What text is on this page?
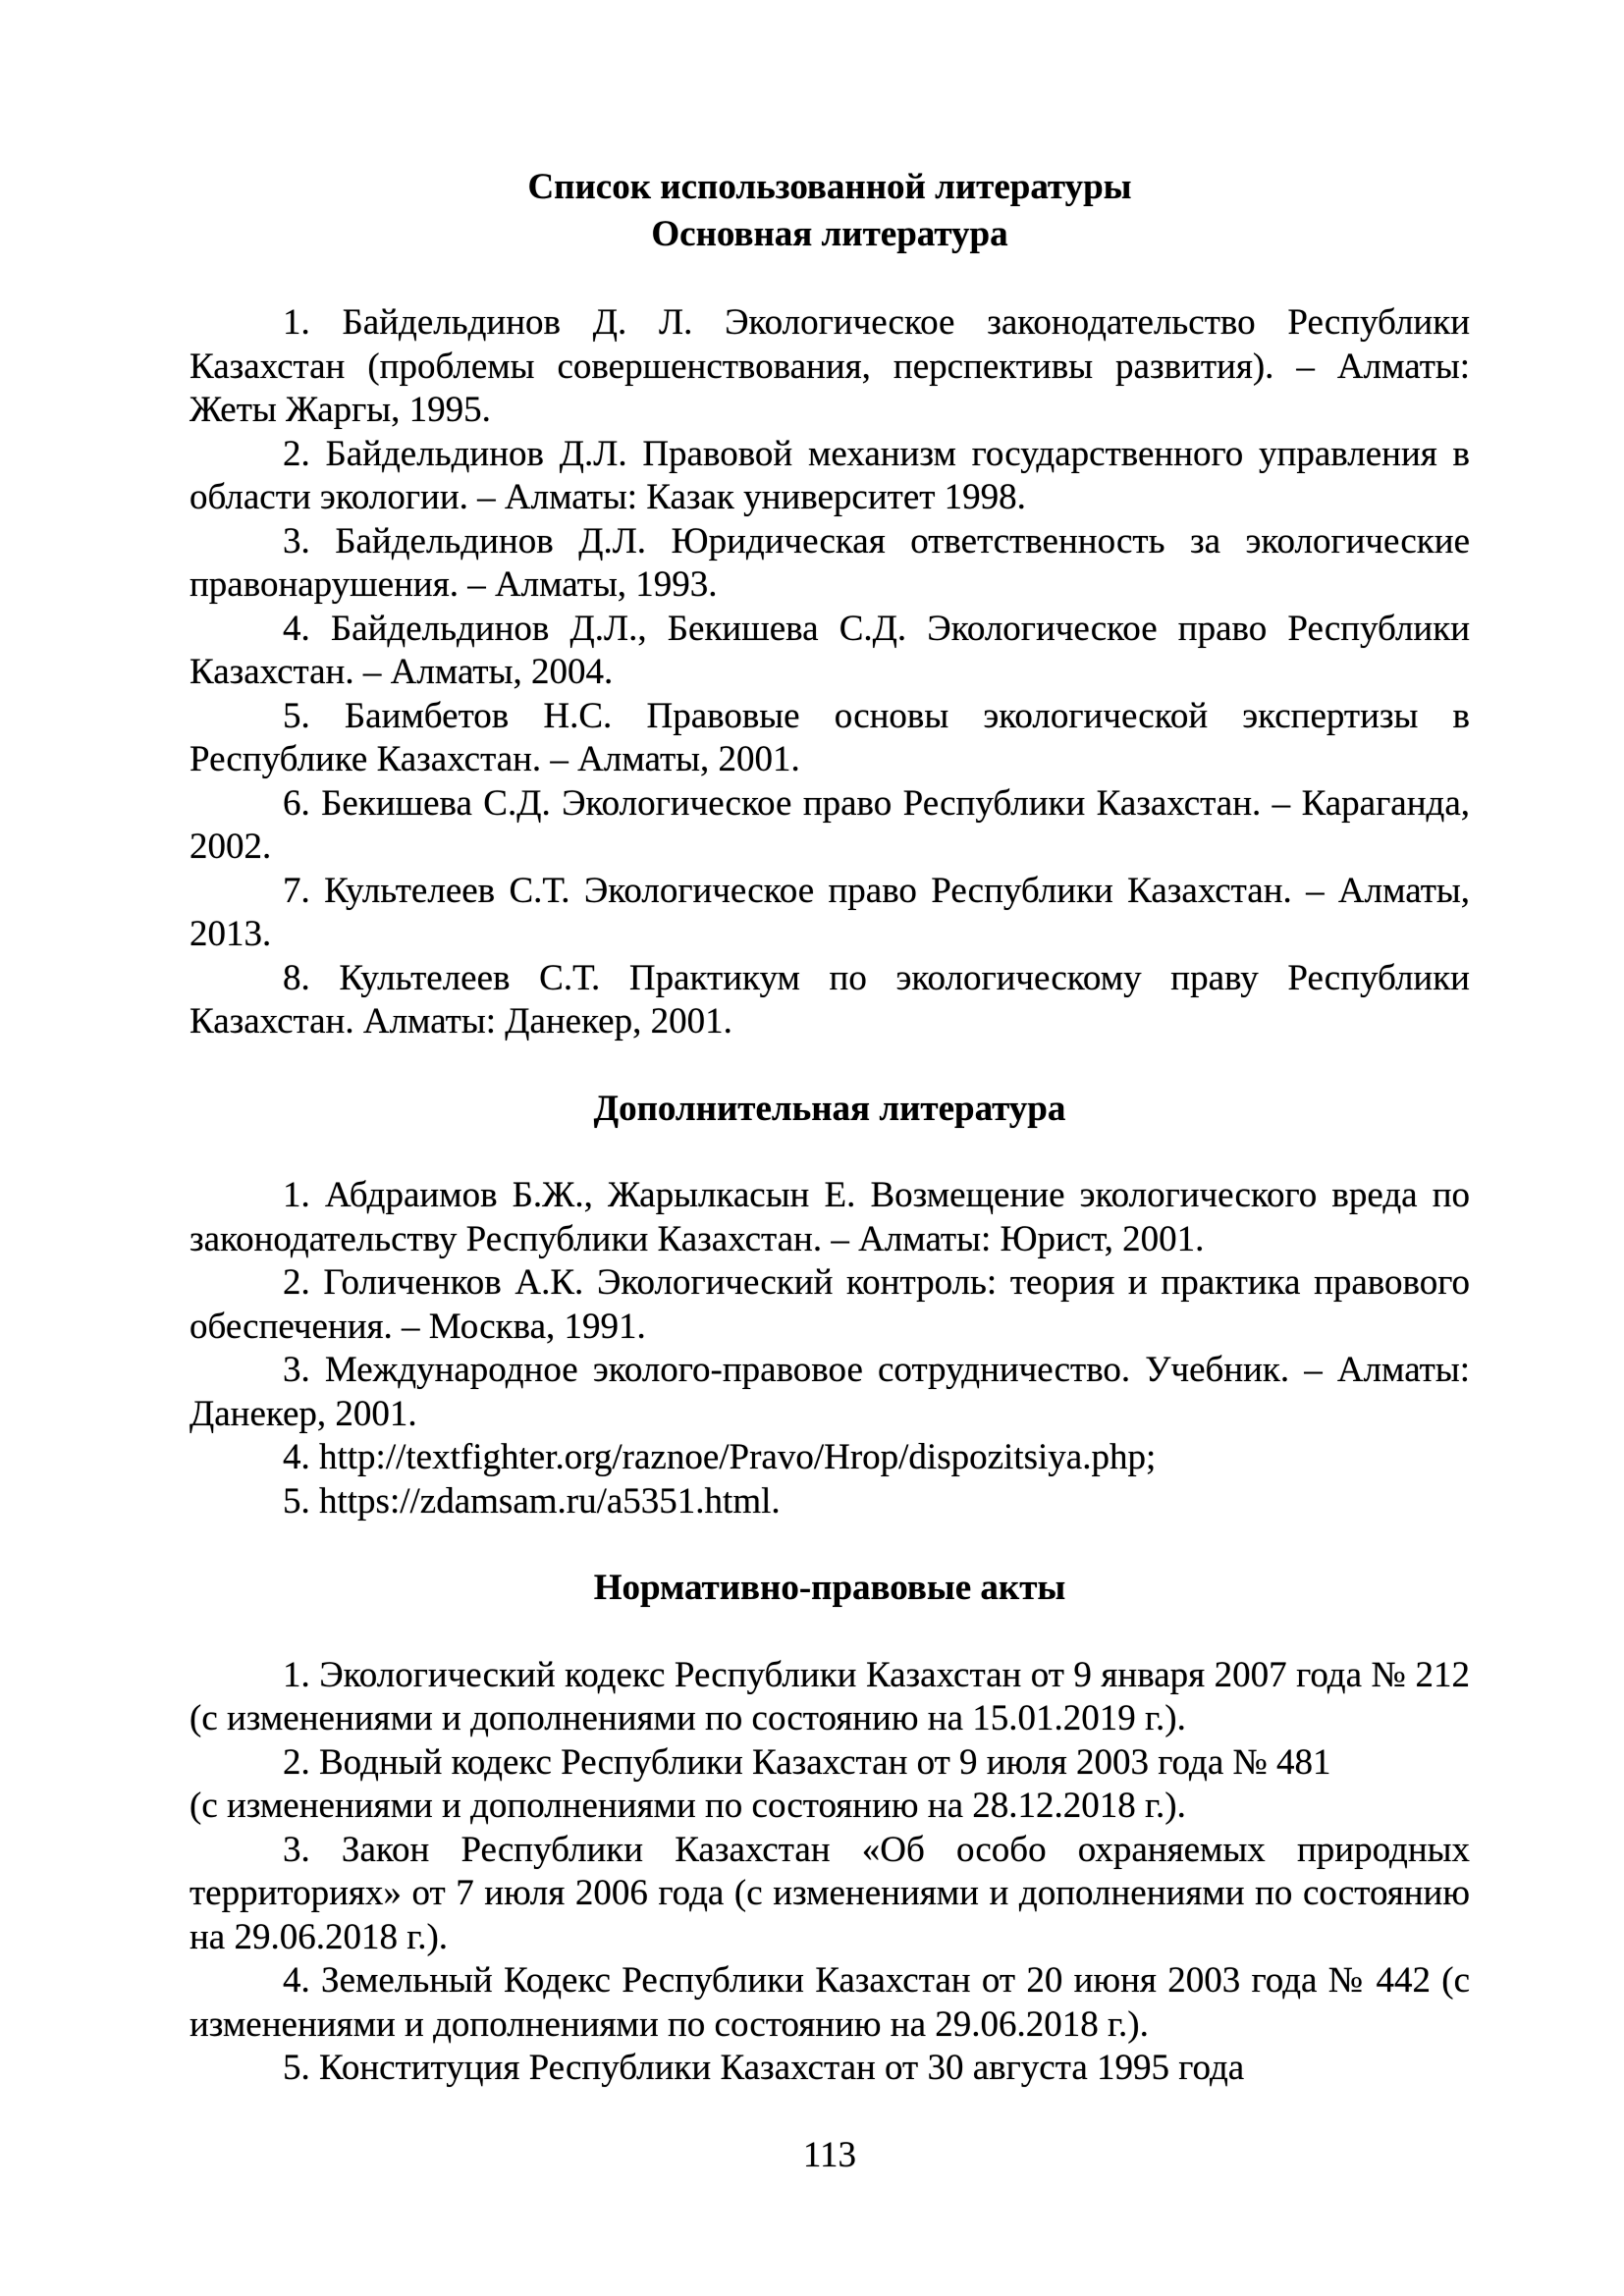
Список использованной литературы
Основная литература

1. Байдельдинов Д. Л. Экологическое законодательство Республики Казахстан (проблемы совершенствования, перспективы развития). – Алматы: Жеты Жаргы, 1995.

2. Байдельдинов Д.Л. Правовой механизм государственного управления в области экологии. – Алматы: Казак университет 1998.

3. Байдельдинов Д.Л. Юридическая ответственность за экологические правонарушения. – Алматы, 1993.

4. Байдельдинов Д.Л., Бекишева С.Д. Экологическое право Республики Казахстан. – Алматы, 2004.

5. Баимбетов Н.С. Правовые основы экологической экспертизы в Республике Казахстан. – Алматы, 2001.

6. Бекишева С.Д. Экологическое право Республики Казахстан. – Караганда, 2002.

7. Культелеев С.Т. Экологическое право Республики Казахстан. – Алматы, 2013.

8. Культелеев С.Т. Практикум по экологическому праву Республики Казахстан. Алматы: Данекер, 2001.

Дополнительная литература

1. Абдраимов Б.Ж., Жарылкасын Е. Возмещение экологического вреда по законодательству Республики Казахстан. – Алматы: Юрист, 2001.

2. Голиченков А.К. Экологический контроль: теория и практика правового обеспечения. – Москва, 1991.

3. Международное эколого-правовое сотрудничество. Учебник. – Алматы: Данекер, 2001.

4. http://textfighter.org/raznoe/Pravo/Hrop/dispozitsiya.php;

5. https://zdamsam.ru/a5351.html.

Нормативно-правовые акты

1. Экологический кодекс Республики Казахстан от 9 января 2007 года № 212 (с изменениями и дополнениями по состоянию на 15.01.2019 г.).

2. Водный кодекс Республики Казахстан от 9 июля 2003 года № 481
(с изменениями и дополнениями по состоянию на 28.12.2018 г.).

3. Закон Республики Казахстан «Об особо охраняемых природных территориях» от 7 июля 2006 года (с изменениями и дополнениями по состоянию на 29.06.2018 г.).

4. Земельный Кодекс Республики Казахстан от 20 июня 2003 года № 442 (с изменениями и дополнениями по состоянию на 29.06.2018 г.).

5. Конституция Республики Казахстан от 30 августа 1995 года

113
